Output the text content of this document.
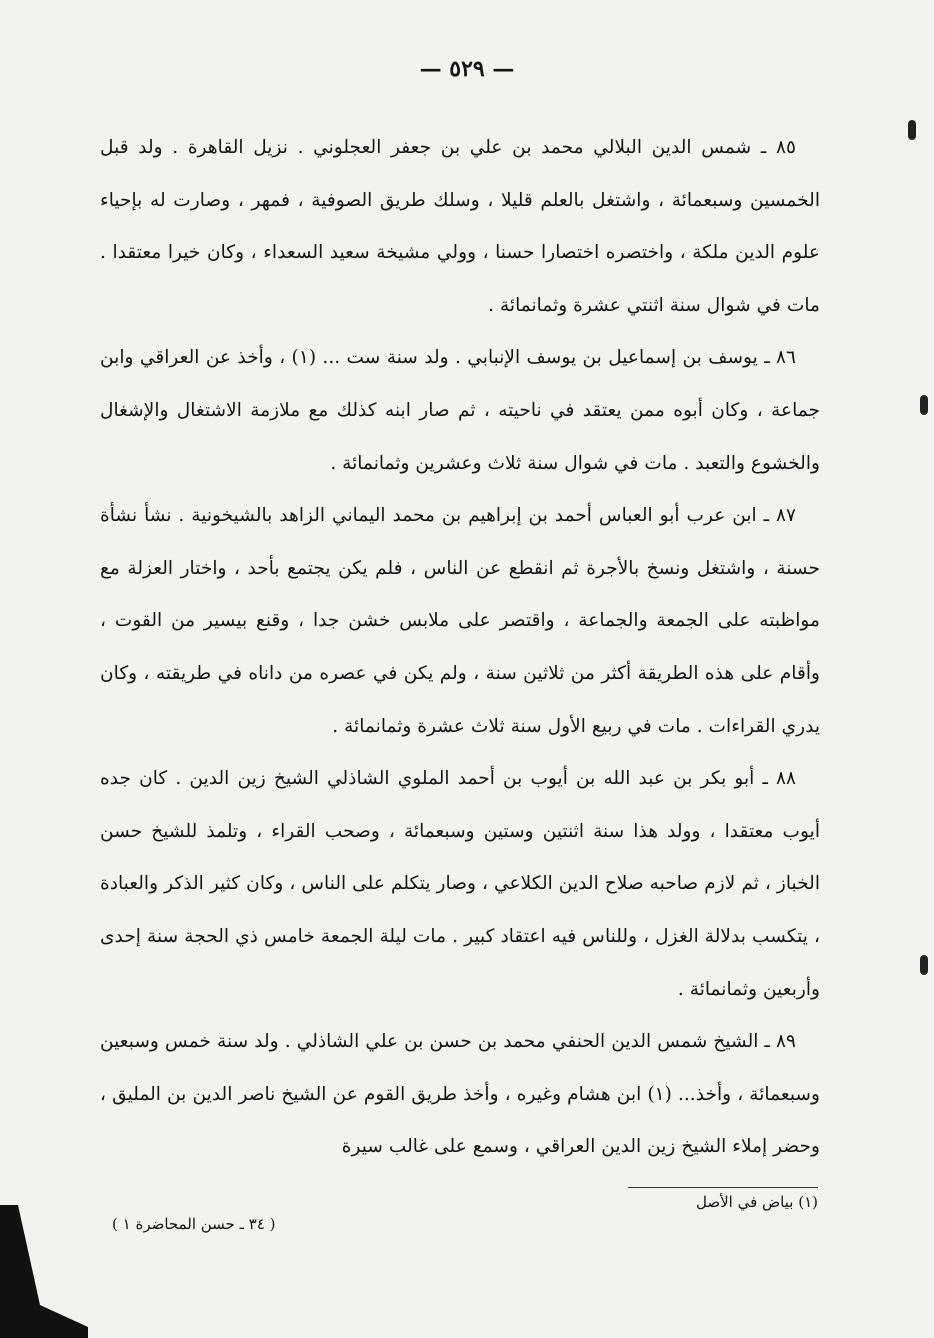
— ٥٢٩ —

٨٥ ـ شمس الدين البلالي محمد بن علي بن جعفر العجلوني . نزيل القاهرة . ولد قبل الخمسين وسبعمائة ، واشتغل بالعلم قليلا ، وسلك طريق الصوفية ، فمهر ، وصارت له بإحياء علوم الدين ملكة ، واختصره اختصارا حسنا ، وولي مشيخة سعيد السعداء ، وكان خيرا معتقدا . مات في شوال سنة اثنتي عشرة وثمانمائة .

٨٦ ـ يوسف بن إسماعيل بن يوسف الإنبابي . ولد سنة ست ... (١) ، وأخذ عن العراقي وابن جماعة ، وكان أبوه ممن يعتقد في ناحيته ، ثم صار ابنه كذلك مع ملازمة الاشتغال والإشغال والخشوع والتعبد . مات في شوال سنة ثلاث وعشرين وثمانمائة .

٨٧ ـ ابن عرب أبو العباس أحمد بن إبراهيم بن محمد اليماني الزاهد بالشيخونية . نشأ نشأة حسنة ، واشتغل ونسخ بالأجرة ثم انقطع عن الناس ، فلم يكن يجتمع بأحد ، واختار العزلة مع مواظبته على الجمعة والجماعة ، واقتصر على ملابس خشن جدا ، وقنع بيسير من القوت ، وأقام على هذه الطريقة أكثر من ثلاثين سنة ، ولم يكن في عصره من داناه في طريقته ، وكان يدري القراءات . مات في ربيع الأول سنة ثلاث عشرة وثمانمائة .

٨٨ ـ أبو بكر بن عبد الله بن أيوب بن أحمد الملوي الشاذلي الشيخ زين الدين . كان جده أيوب معتقدا ، وولد هذا سنة اثنتين وستين وسبعمائة ، وصحب القراء ، وتلمذ للشيخ حسن الخباز ، ثم لازم صاحبه صلاح الدين الكلاعي ، وصار يتكلم على الناس ، وكان كثير الذكر والعبادة ، يتكسب بدلالة الغزل ، وللناس فيه اعتقاد كبير . مات ليلة الجمعة خامس ذي الحجة سنة إحدى وأربعين وثمانمائة .

٨٩ ـ الشيخ شمس الدين الحنفي محمد بن حسن بن علي الشاذلي . ولد سنة خمس وسبعين وسبعمائة ، وأخذ... (١) ابن هشام وغيره ، وأخذ طريق القوم عن الشيخ ناصر الدين بن المليق ، وحضر إملاء الشيخ زين الدين العراقي ، وسمع على غالب سيرة

(١) بياض في الأصل
( ٣٤ ـ حسن المحاضرة ١ )
